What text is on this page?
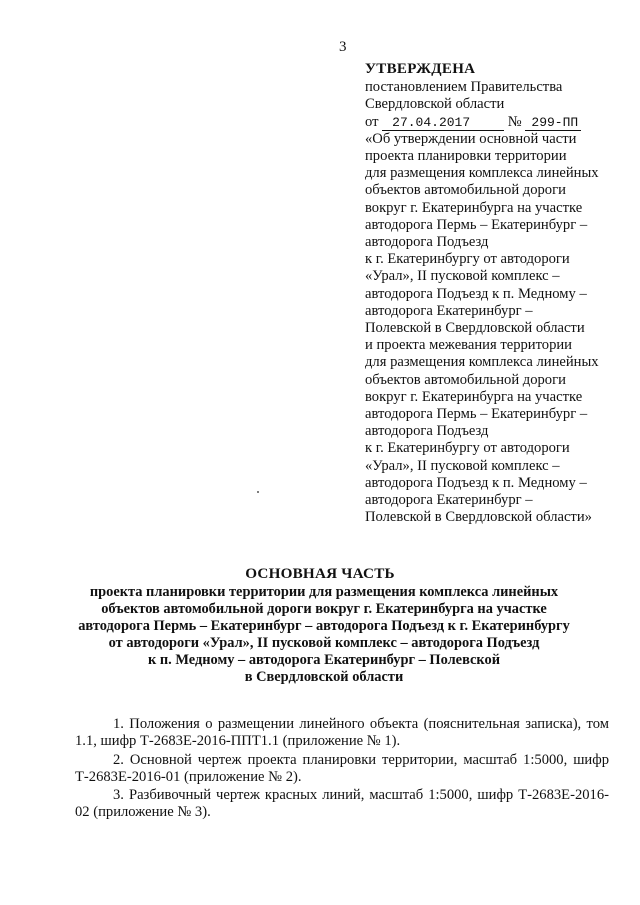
3
УТВЕРЖДЕНА
постановлением Правительства
Свердловской области
от 27.04.2017	№ 299-ПП
«Об утверждении основной части
проекта планировки территории
для размещения комплекса линейных
объектов автомобильной дороги
вокруг г. Екатеринбурга на участке
автодорога Пермь – Екатеринбург –
автодорога Подъезд
к г. Екатеринбургу от автодороги
«Урал», II пусковой комплекс –
автодорога Подъезд к п. Медному –
автодорога Екатеринбург –
Полевской в Свердловской области
и проекта межевания территории
для размещения комплекса линейных
объектов автомобильной дороги
вокруг г. Екатеринбурга на участке
автодорога Пермь – Екатеринбург –
автодорога Подъезд
к г. Екатеринбургу от автодороги
«Урал», II пусковой комплекс –
автодорога Подъезд к п. Медному –
автодорога Екатеринбург –
Полевской в Свердловской области»
ОСНОВНАЯ ЧАСТЬ
проекта планировки территории для размещения комплекса линейных
объектов автомобильной дороги вокруг г. Екатеринбурга на участке
автодорога Пермь – Екатеринбург – автодорога Подъезд к г. Екатеринбургу
от автодороги «Урал», II пусковой комплекс – автодорога Подъезд
к п. Медному – автодорога Екатеринбург – Полевской
в Свердловской области

1. Положения о размещении линейного объекта (пояснительная записка), том 1.1, шифр Т-2683Е-2016-ППТ1.1 (приложение № 1).

2. Основной чертеж проекта планировки территории, масштаб 1:5000, шифр Т-2683Е-2016-01 (приложение № 2).

3. Разбивочный чертеж красных линий, масштаб 1:5000, шифр Т-2683Е-2016-02 (приложение № 3).
